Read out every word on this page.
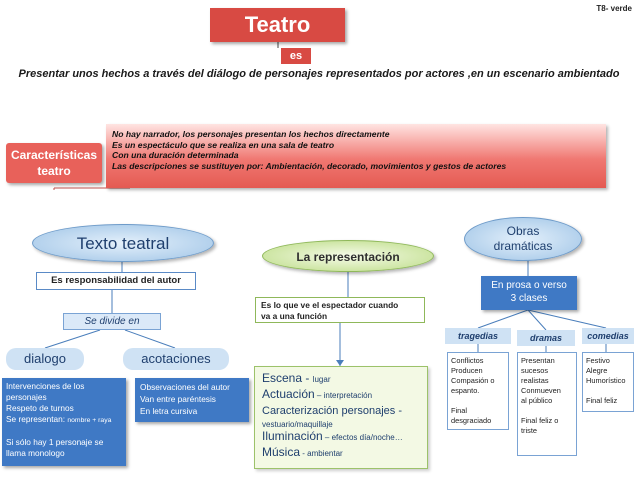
T8- verde
Teatro
es
Presentar unos hechos a través del diálogo de personajes representados por actores ,en un escenario ambientado
Características
teatro
No hay narrador, los personajes presentan los hechos directamente
Es un espectáculo que se realiza en una sala de teatro
Con una duración determinada
Las descripciones se sustituyen por: Ambientación, decorado, movimientos y gestos de actores
Texto teatral
Es responsabilidad del autor
Se divide en
dialogo	acotaciones
Intervenciones de los
personajes
Respeto de turnos
Se representan: nombre + raya
Si sólo hay 1 personaje se
llama monologo
Observaciones del autor
Van entre paréntesis
En letra cursiva
La representación
Es lo que ve el espectador cuando
va a una función
Escena - lugar
Actuación – interpretación
Caracterización personajes -
vestuario/maquillaje
Iluminación – efectos día/noche…
Música - ambientar
Obras
dramáticas
En prosa o verso
3 clases
tragedias	dramas	comedias
Conflictos
Producen
Compasión o
espanto.
Final
desgraciado
Presentan
sucesos
realistas
Conmueven
al público
Final feliz o
triste
Festivo
Alegre
Humorístico
Final feliz
